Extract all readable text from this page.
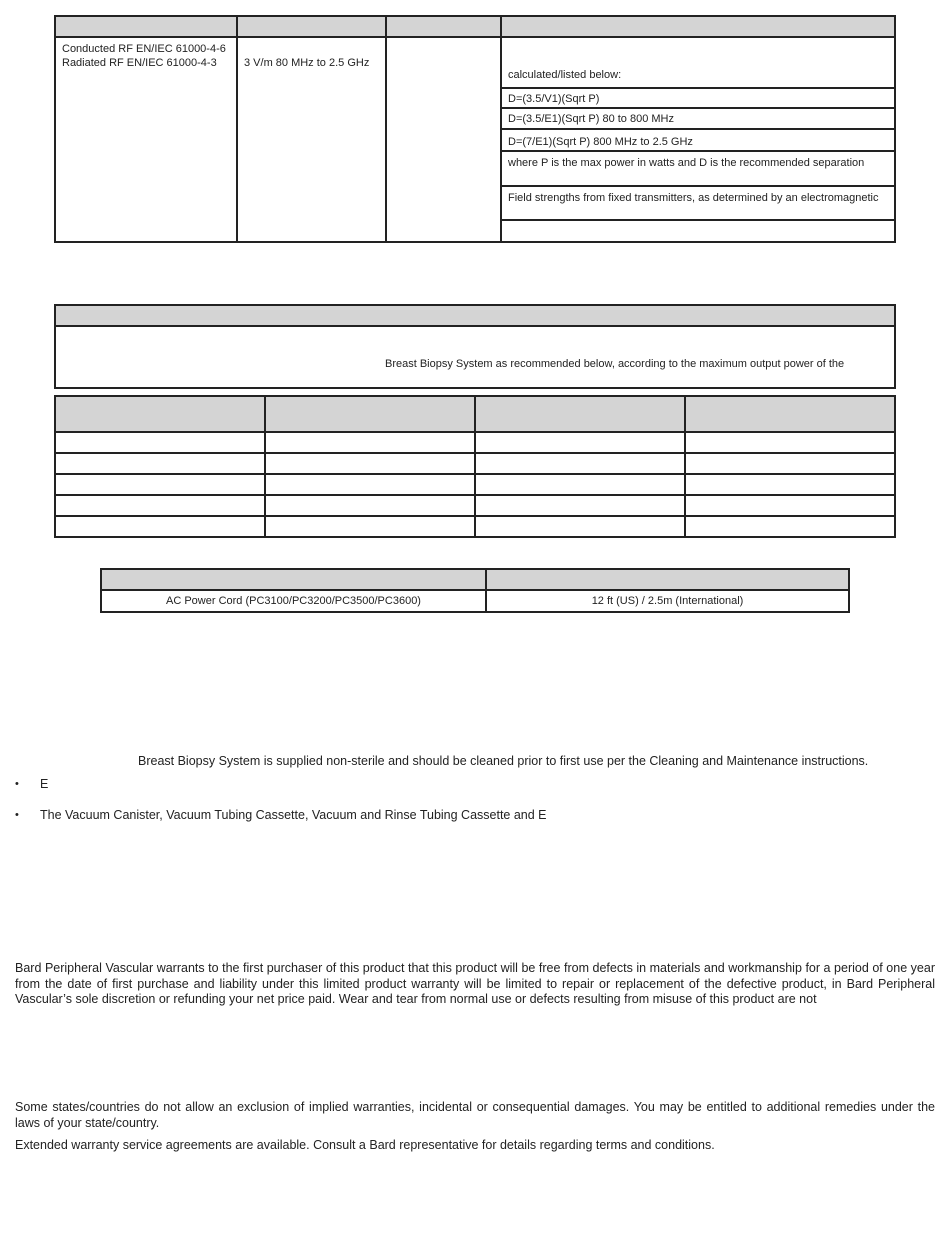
Conducted RF EN/IEC 61000-4-6
Radiated RF EN/IEC 61000-4-3	3 V/m 80 MHz to 2.5 GHz
calculated/listed below:
D=(3.5/V1)(Sqrt P)
D=(3.5/E1)(Sqrt P) 80 to 800 MHz
D=(7/E1)(Sqrt P) 800 MHz to 2.5 GHz
where P is the max power in watts and D is the recommended separation
Field strengths from fixed transmitters, as determined by an electromagnetic
Breast Biopsy System as recommended below, according to the maximum output power of the
AC Power Cord (PC3100/PC3200/PC3500/PC3600)	12 ft (US) / 2.5m (International)
Breast Biopsy System is supplied non-sterile and should be cleaned prior to first use per the Cleaning and Maintenance instructions.
• E
• The Vacuum Canister, Vacuum Tubing Cassette, Vacuum and Rinse Tubing Cassette and E
Bard Peripheral Vascular warrants to the first purchaser of this product that this product will be free from defects in materials and workmanship for a period of one year from the date of first purchase and liability under this limited product warranty will be limited to repair or replacement of the defective product, in Bard Peripheral Vascular’s sole discretion or refunding your net price paid. Wear and tear from normal use or defects resulting from misuse of this product are not
Some states/countries do not allow an exclusion of implied warranties, incidental or consequential damages. You may be entitled to additional remedies under the laws of your state/country.
Extended warranty service agreements are available. Consult a Bard representative for details regarding terms and conditions.
